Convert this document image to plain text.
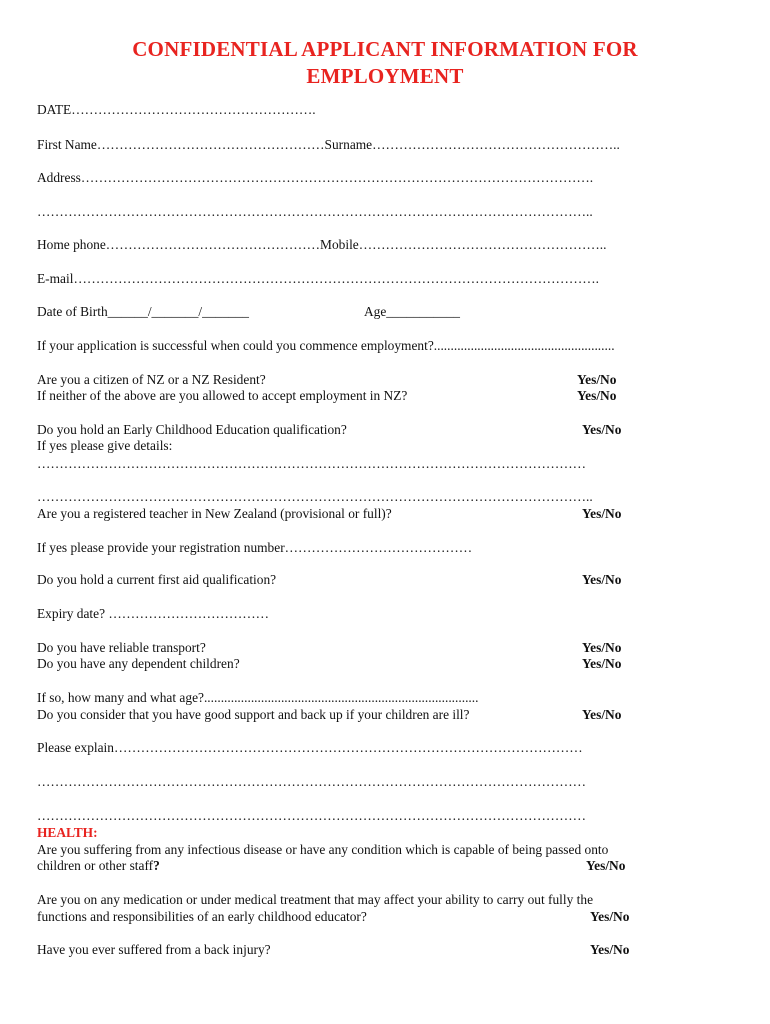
CONFIDENTIAL APPLICANT INFORMATION FOR
EMPLOYMENT
DATE……………………………………………….
First Name……………………………………………Surname………………………………………………..
Address…………………………………………………………………………………………………….
……………………………………………………………………………………………………………..
Home phone…………………………………………Mobile………………………………………………..
E-mail……………………………………………………………………………………………………….
Date of Birth______/_______/_______	Age___________
If your application is successful when could you commence employment?......................................................
Are you a citizen of NZ or a NZ Resident?	Yes/No
If neither of the above are you allowed to accept employment in NZ?	Yes/No
Do you hold an Early Childhood Education qualification?	Yes/No
If yes please give details:
……………………………………………………………………………………………………………
……………………………………………………………………………………………………………..
Are you a registered teacher in New Zealand (provisional or full)?	Yes/No
If yes please provide your registration number……………………………………
Do you hold a current first aid qualification?	Yes/No
Expiry date? ………………………………
Do you have reliable transport?	Yes/No
Do you have any dependent children?	Yes/No
If so, how many and what age?..................................................................................
Do you consider that you have good support and back up if your children are ill?	Yes/No
Please explain……………………………………………………………………………………………
……………………………………………………………………………………………………………
……………………………………………………………………………………………………………
HEALTH:
Are you suffering from any infectious disease or have any condition which is capable of being passed onto
children or other staff?	Yes/No
Are you on any medication or under medical treatment that may affect your ability to carry out fully the
functions and responsibilities of an early childhood educator?	Yes/No
Have you ever suffered from a back injury?	Yes/No
